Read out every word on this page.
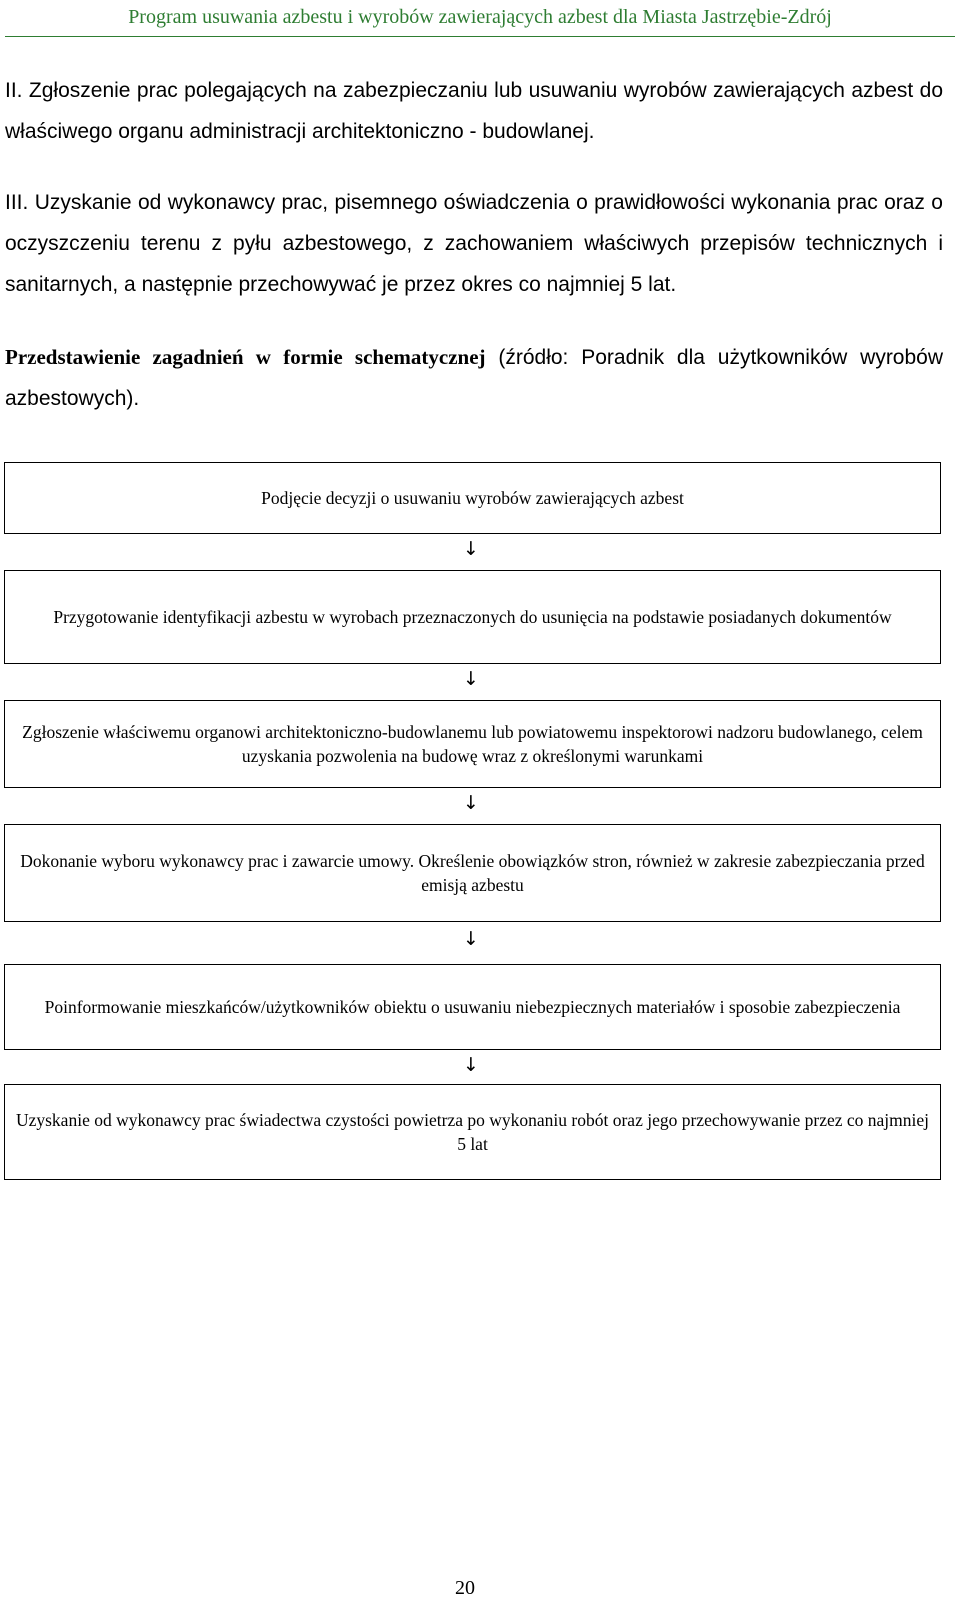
Program usuwania azbestu i wyrobów zawierających azbest dla Miasta Jastrzębie-Zdrój

II. Zgłoszenie prac polegających na zabezpieczaniu lub usuwaniu wyrobów zawierających azbest do właściwego organu administracji architektoniczno - budowlanej.

III. Uzyskanie od wykonawcy prac, pisemnego oświadczenia o prawidłowości wykonania prac oraz o oczyszczeniu terenu z pyłu azbestowego, z zachowaniem właściwych przepisów technicznych i sanitarnych, a następnie przechowywać je przez okres co najmniej 5 lat.

Przedstawienie zagadnień w formie schematycznej (źródło: Poradnik dla użytkowników wyrobów azbestowych).

Podjęcie decyzji o usuwaniu wyrobów zawierających azbest
↓
Przygotowanie identyfikacji azbestu w wyrobach przeznaczonych do usunięcia na podstawie posiadanych dokumentów
↓
Zgłoszenie właściwemu organowi architektoniczno-budowlanemu lub powiatowemu inspektorowi nadzoru budowlanego, celem uzyskania pozwolenia na budowę wraz z określonymi warunkami
↓
Dokonanie wyboru wykonawcy prac i zawarcie umowy. Określenie obowiązków stron, również w zakresie zabezpieczania przed emisją azbestu
↓
Poinformowanie mieszkańców/użytkowników obiektu o usuwaniu niebezpiecznych materiałów i sposobie zabezpieczenia
↓
Uzyskanie od wykonawcy prac świadectwa czystości powietrza po wykonaniu robót oraz jego przechowywanie przez co najmniej 5 lat
20
